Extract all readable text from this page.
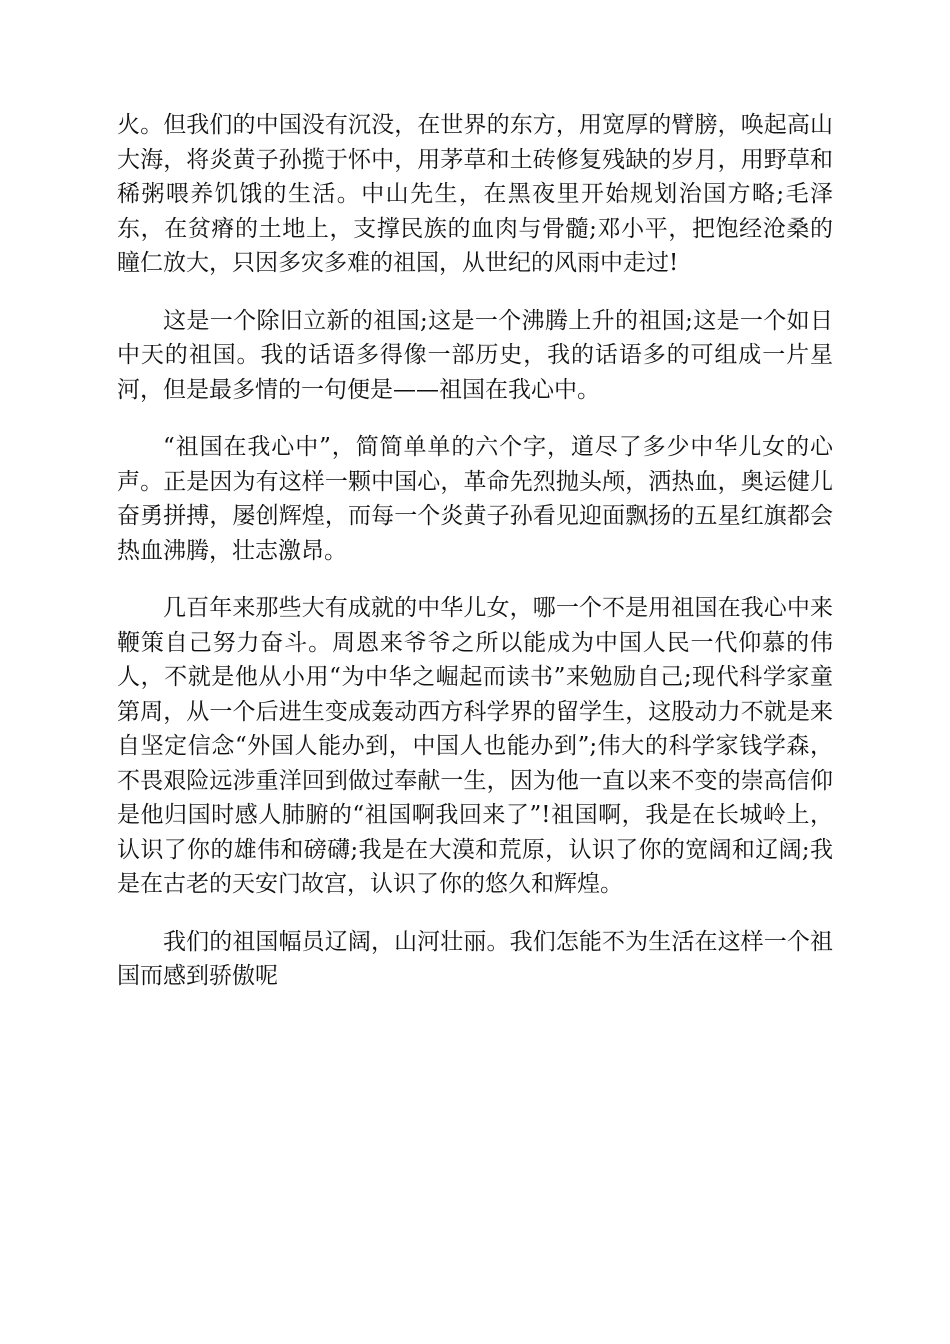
火。但我们的中国没有沉没，在世界的东方，用宽厚的臂膀，唤起高山大海，将炎黄子孙揽于怀中，用茅草和土砖修复残缺的岁月，用野草和稀粥喂养饥饿的生活。中山先生，在黑夜里开始规划治国方略;毛泽东，在贫瘠的土地上，支撑民族的血肉与骨髓;邓小平，把饱经沧桑的瞳仁放大，只因多灾多难的祖国，从世纪的风雨中走过!

这是一个除旧立新的祖国;这是一个沸腾上升的祖国;这是一个如日中天的祖国。我的话语多得像一部历史，我的话语多的可组成一片星河，但是最多情的一句便是——祖国在我心中。

“祖国在我心中”，简简单单的六个字，道尽了多少中华儿女的心声。正是因为有这样一颗中国心，革命先烈抛头颅，洒热血，奥运健儿奋勇拼搏，屡创辉煌，而每一个炎黄子孙看见迎面飘扬的五星红旗都会热血沸腾，壮志激昂。

几百年来那些大有成就的中华儿女，哪一个不是用祖国在我心中来鞭策自己努力奋斗。周恩来爷爷之所以能成为中国人民一代仰慕的伟人，不就是他从小用“为中华之崛起而读书”来勉励自己;现代科学家童第周，从一个后进生变成轰动西方科学界的留学生，这股动力不就是来自坚定信念“外国人能办到，中国人也能办到”;伟大的科学家钱学森，不畏艰险远涉重洋回到做过奉献一生，因为他一直以来不变的崇高信仰是他归国时感人肺腑的“祖国啊我回来了”!祖国啊，我是在长城岭上，认识了你的雄伟和磅礴;我是在大漠和荒原，认识了你的宽阔和辽阔;我是在古老的天安门故宫，认识了你的悠久和辉煌。

我们的祖国幅员辽阔，山河壮丽。我们怎能不为生活在这样一个祖国而感到骄傲呢
